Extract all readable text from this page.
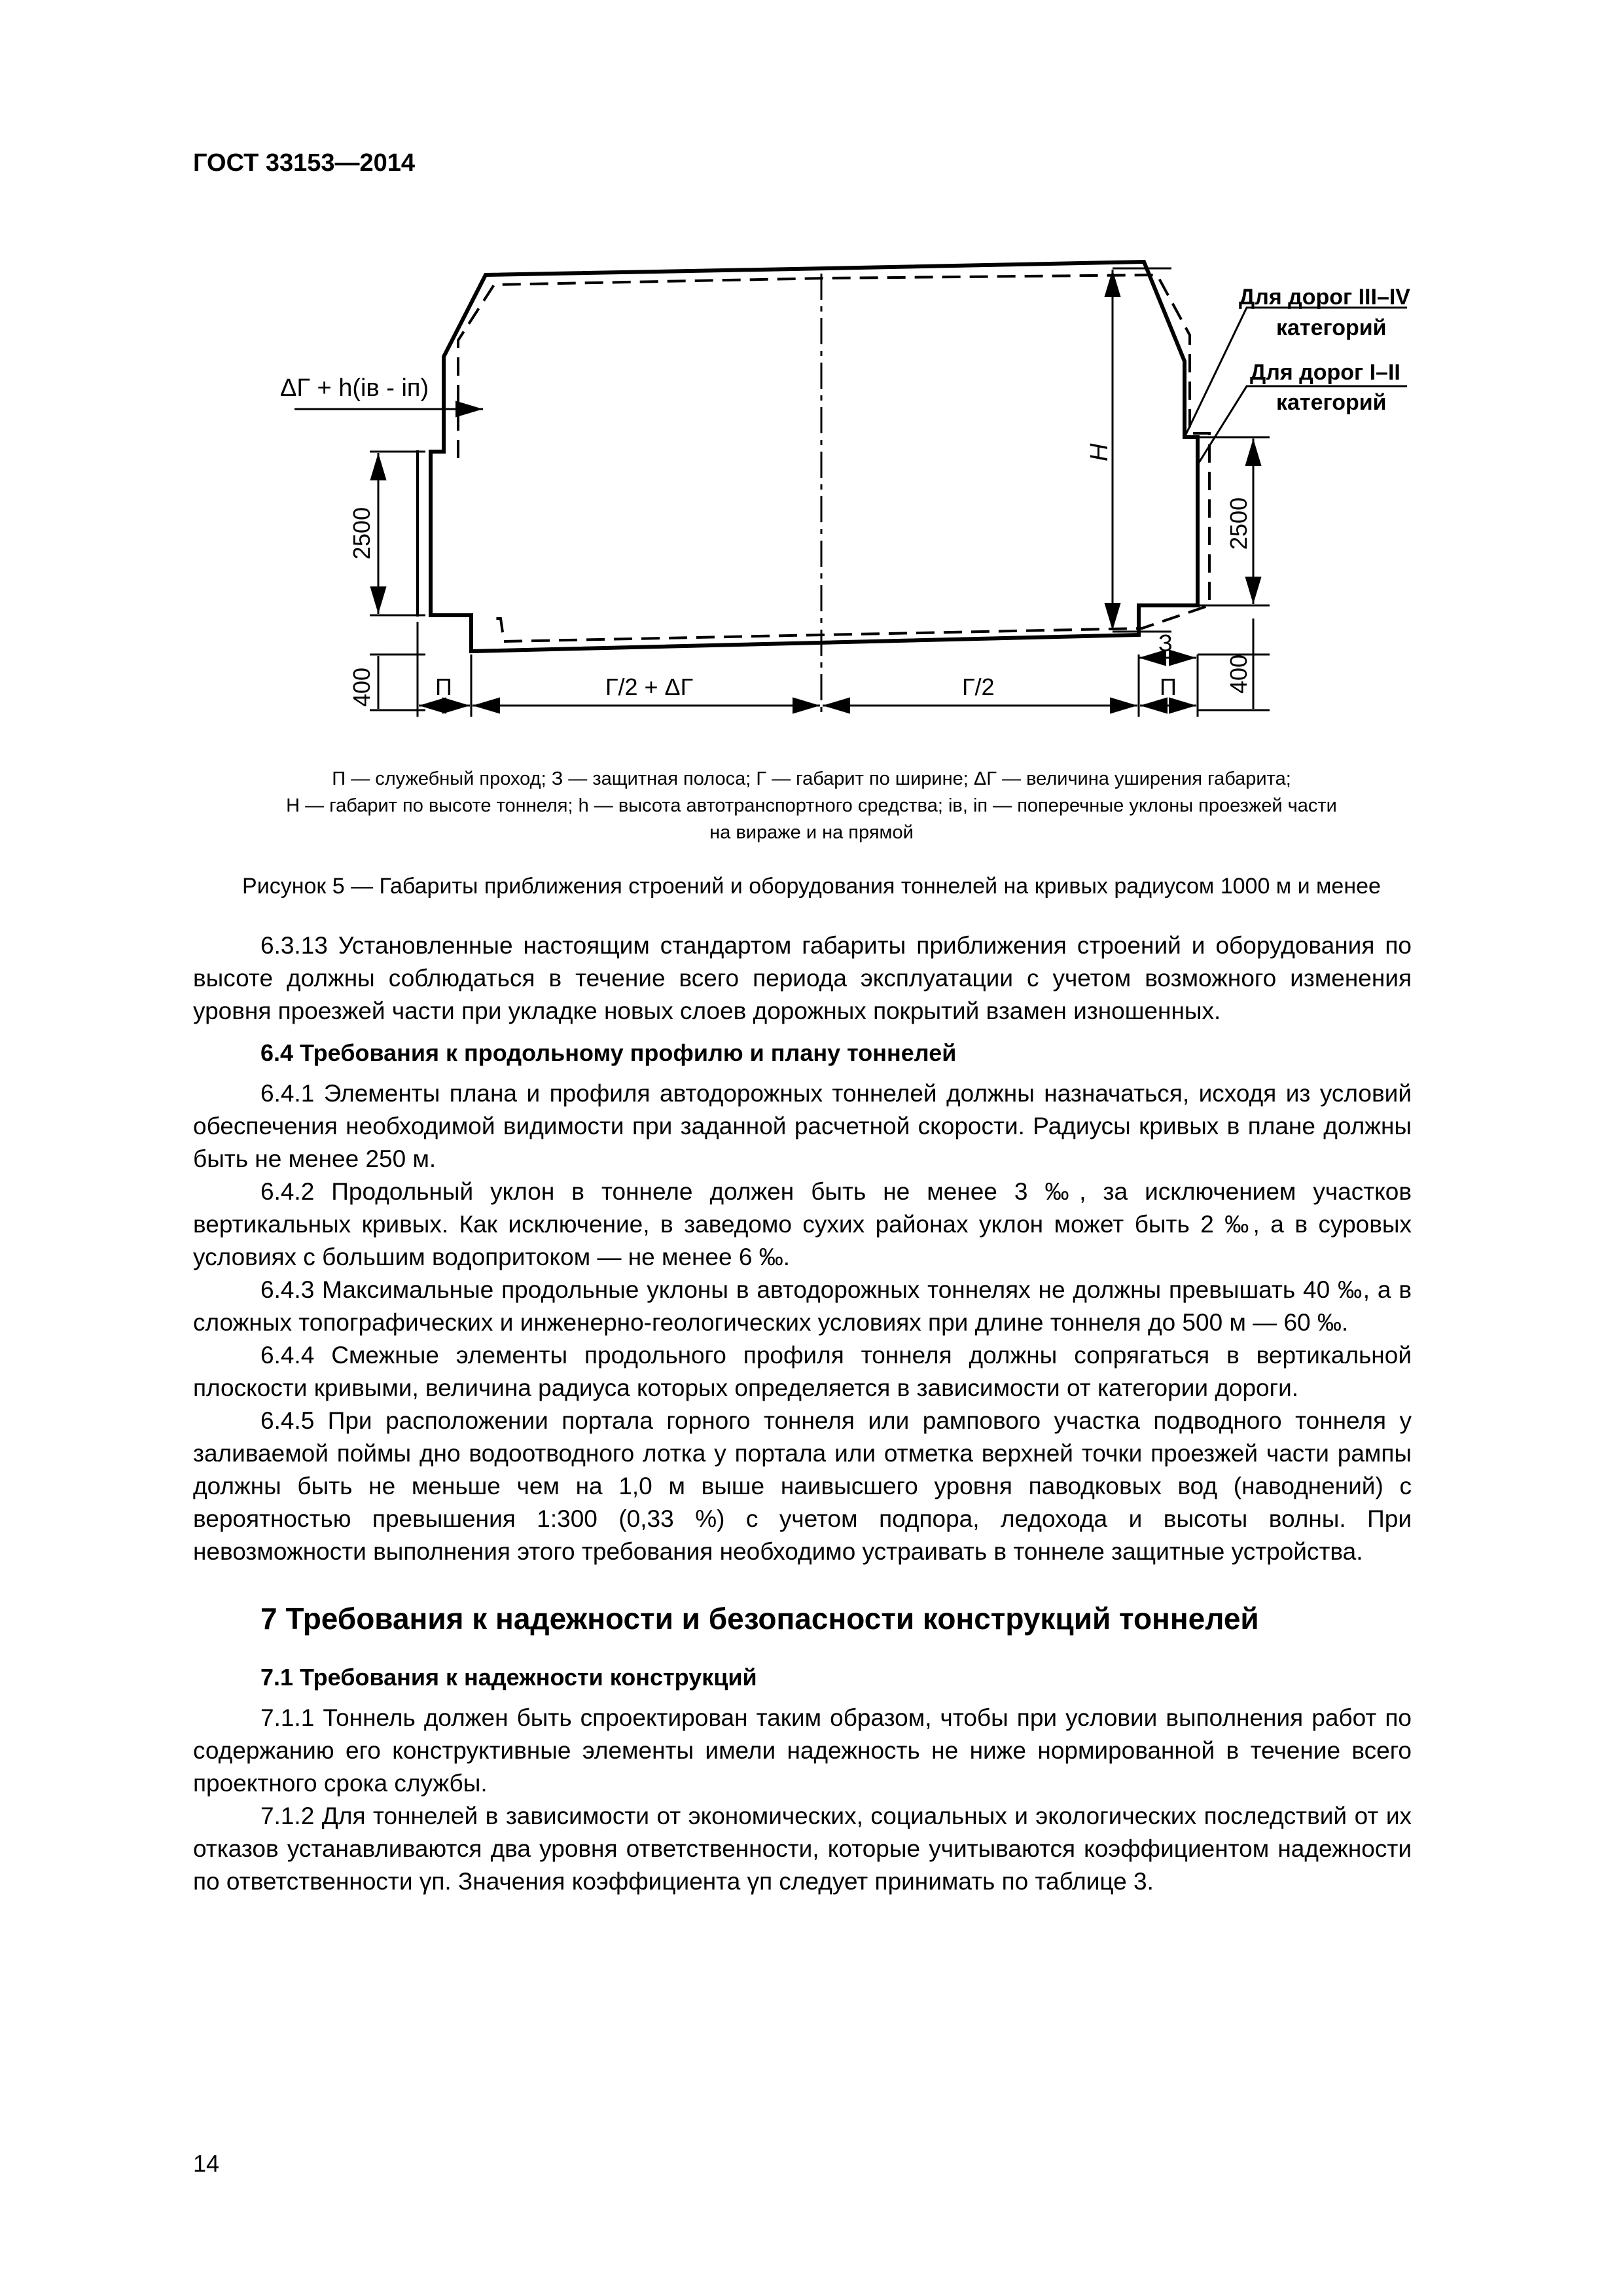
ГОСТ 33153—2014
ΔГ + h(iв - iп)
Для дорог III–IV
категорий
Для дорог I–II
категорий
2500
400
Н
2500
400
П	Г/2 + ΔГ	Г/2	П
З
П — служебный проход; З — защитная полоса; Г — габарит по ширине; ΔГ — величина уширения габарита;
Н — габарит по высоте тоннеля; h — высота автотранспортного средства; iв, iп — поперечные уклоны проезжей части
на вираже и на прямой
Рисунок 5 — Габариты приближения строений и оборудования тоннелей на кривых радиусом 1000 м и менее

6.3.13 Установленные настоящим стандартом габариты приближения строений и оборудования по высоте должны соблюдаться в течение всего периода эксплуатации с учетом возможного изменения уровня проезжей части при укладке новых слоев дорожных покрытий взамен изношенных.

6.4 Требования к продольному профилю и плану тоннелей

6.4.1 Элементы плана и профиля автодорожных тоннелей должны назначаться, исходя из условий обеспечения необходимой видимости при заданной расчетной скорости. Радиусы кривых в плане должны быть не менее 250 м.

6.4.2 Продольный уклон в тоннеле должен быть не менее 3 ‰, за исключением участков вертикальных кривых. Как исключение, в заведомо сухих районах уклон может быть 2 ‰, а в суровых условиях с большим водопритоком — не менее 6 ‰.

6.4.3 Максимальные продольные уклоны в автодорожных тоннелях не должны превышать 40 ‰, а в сложных топографических и инженерно-геологических условиях при длине тоннеля до 500 м — 60 ‰.

6.4.4 Смежные элементы продольного профиля тоннеля должны сопрягаться в вертикальной плоскости кривыми, величина радиуса которых определяется в зависимости от категории дороги.

6.4.5 При расположении портала горного тоннеля или рампового участка подводного тоннеля у заливаемой поймы дно водоотводного лотка у портала или отметка верхней точки проезжей части рампы должны быть не меньше чем на 1,0 м выше наивысшего уровня паводковых вод (наводнений) с вероятностью превышения 1:300 (0,33 %) с учетом подпора, ледохода и высоты волны. При невозможности выполнения этого требования необходимо устраивать в тоннеле защитные устройства.

7 Требования к надежности и безопасности конструкций тоннелей
7.1 Требования к надежности конструкций

7.1.1 Тоннель должен быть спроектирован таким образом, чтобы при условии выполнения работ по содержанию его конструктивные элементы имели надежность не ниже нормированной в течение всего проектного срока службы.

7.1.2 Для тоннелей в зависимости от экономических, социальных и экологических последствий от их отказов устанавливаются два уровня ответственности, которые учитываются коэффициентом надежности по ответственности γп. Значения коэффициента γп следует принимать по таблице 3.

14
